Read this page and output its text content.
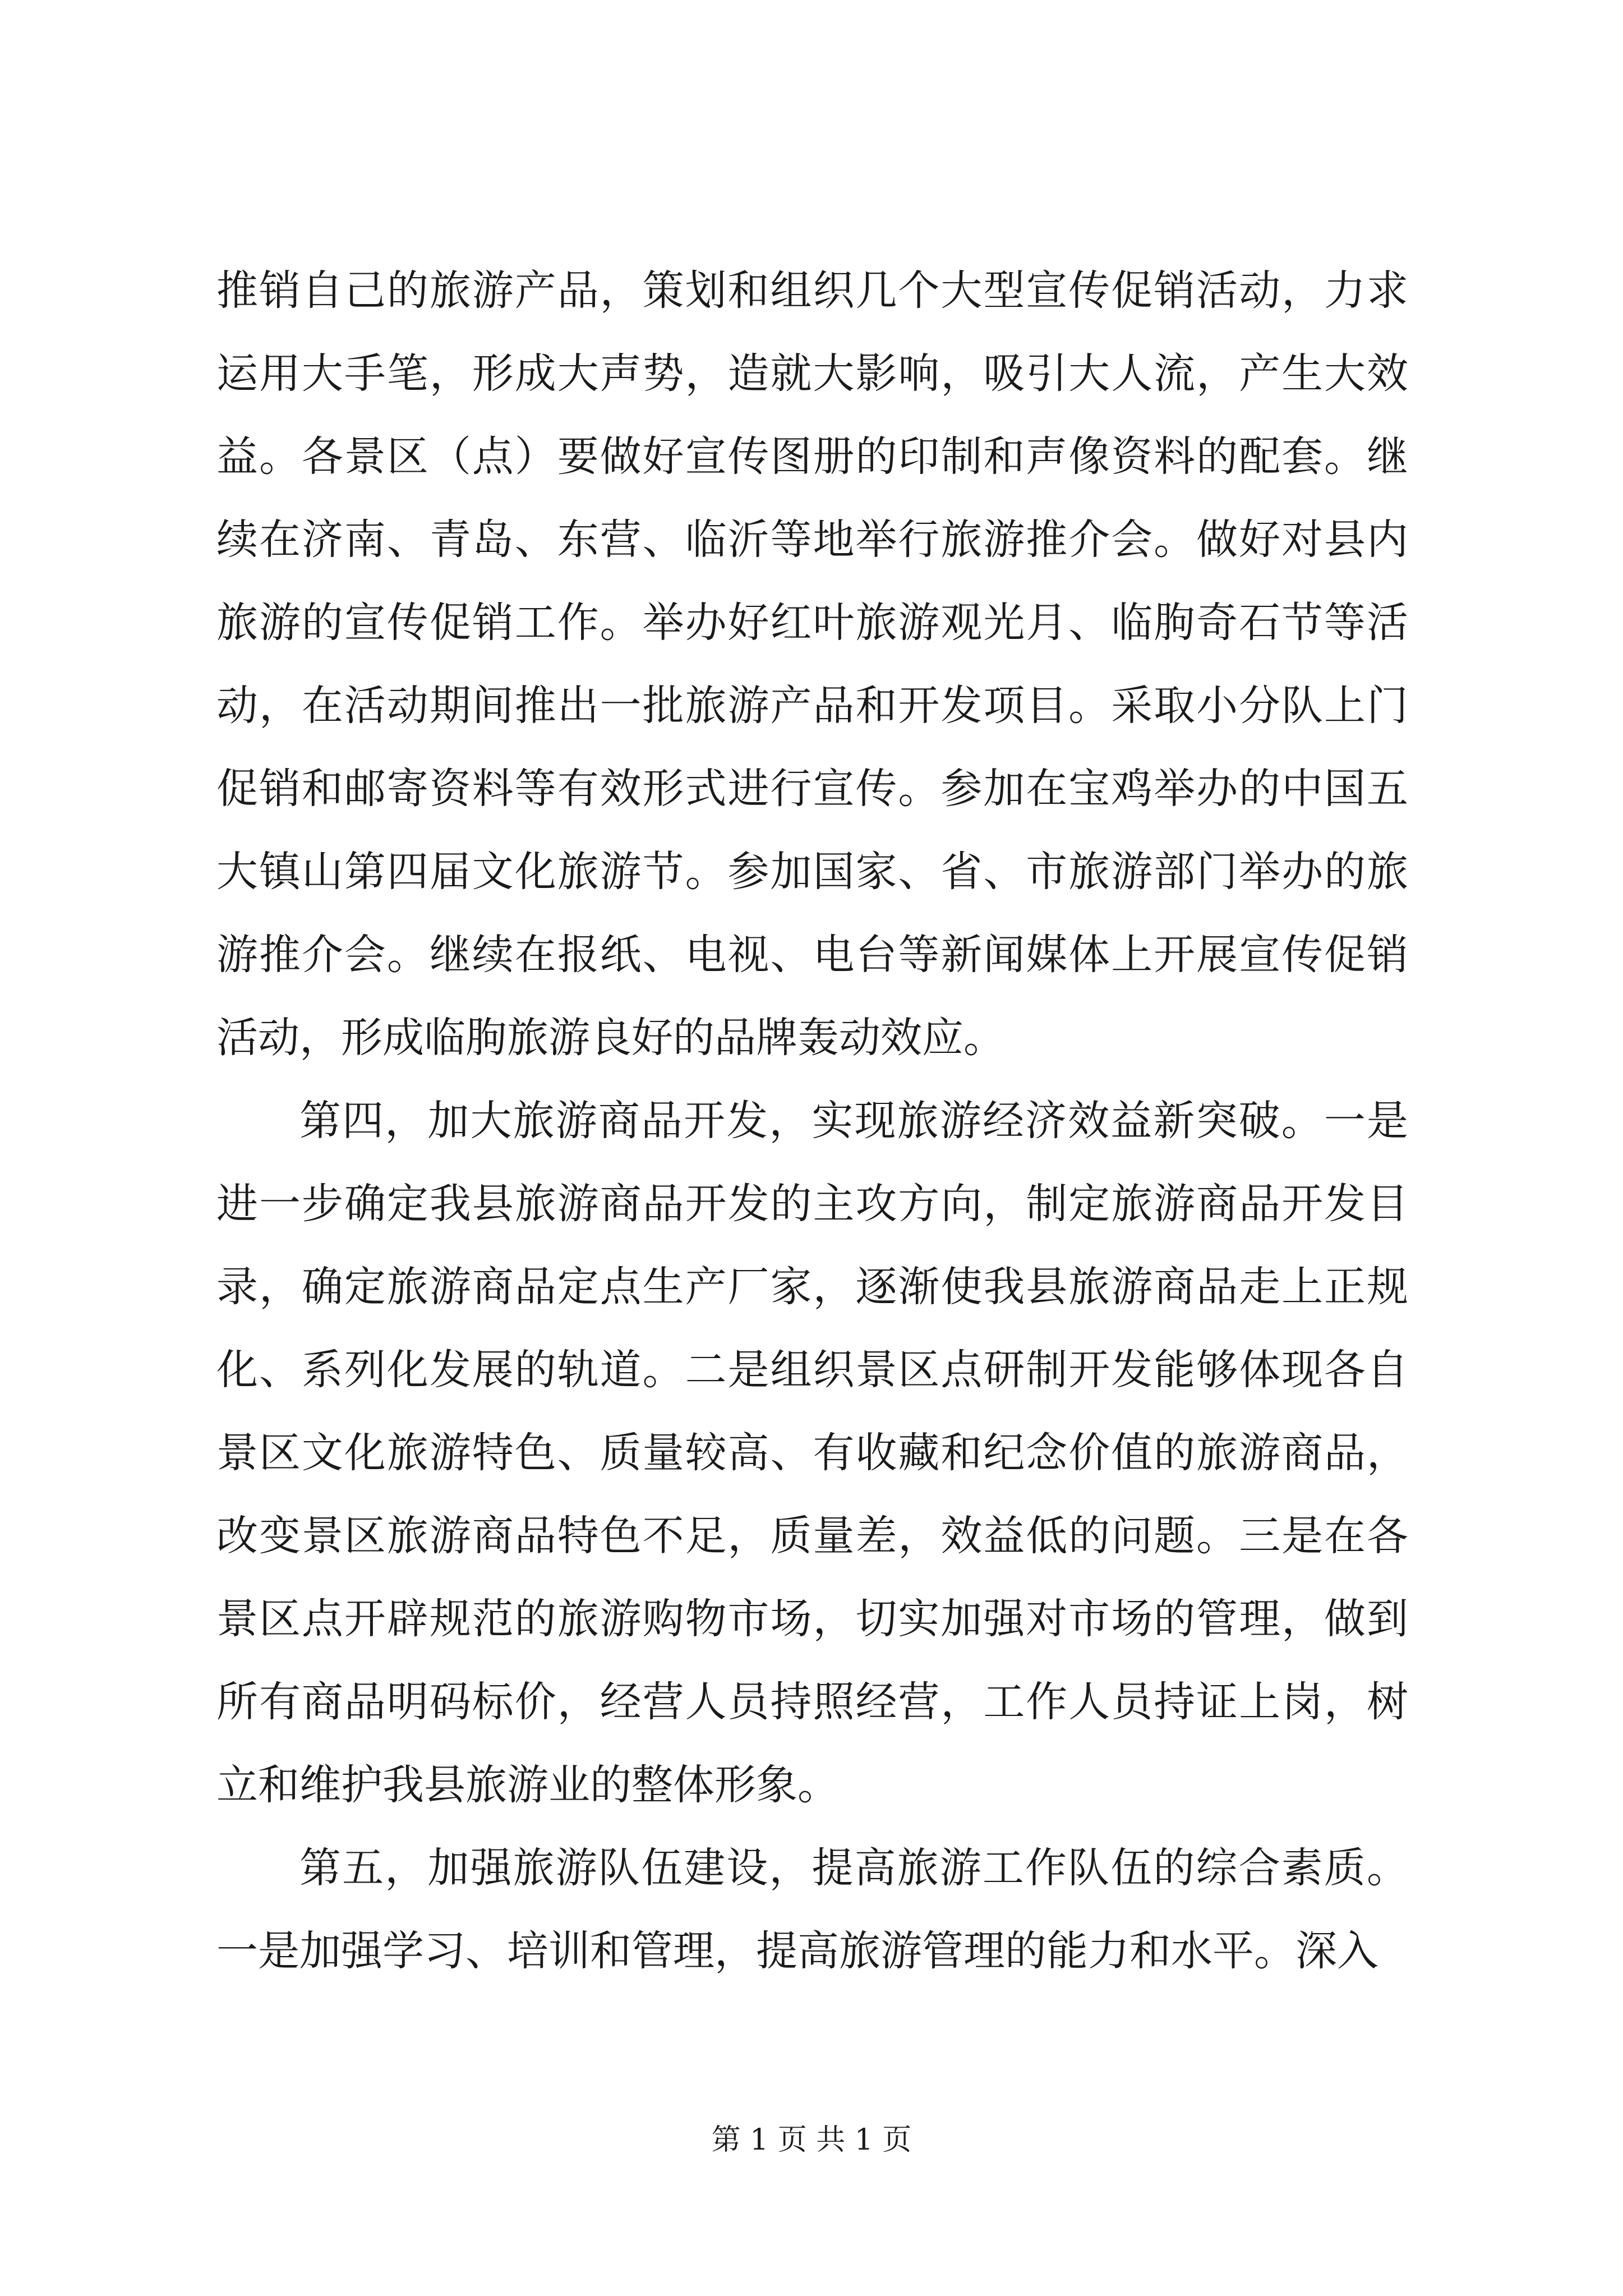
推销自己的旅游产品，策划和组织几个大型宣传促销活动，力求运用大手笔，形成大声势，造就大影响，吸引大人流，产生大效益。各景区（点）要做好宣传图册的印制和声像资料的配套。继续在济南、青岛、东营、临沂等地举行旅游推介会。做好对县内旅游的宣传促销工作。举办好红叶旅游观光月、临朐奇石节等活动，在活动期间推出一批旅游产品和开发项目。采取小分队上门促销和邮寄资料等有效形式进行宣传。参加在宝鸡举办的中国五大镇山第四届文化旅游节。参加国家、省、市旅游部门举办的旅游推介会。继续在报纸、电视、电台等新闻媒体上开展宣传促销活动，形成临朐旅游良好的品牌轰动效应。

第四，加大旅游商品开发，实现旅游经济效益新突破。一是进一步确定我县旅游商品开发的主攻方向，制定旅游商品开发目录，确定旅游商品定点生产厂家，逐渐使我县旅游商品走上正规化、系列化发展的轨道。二是组织景区点研制开发能够体现各自景区文化旅游特色、质量较高、有收藏和纪念价值的旅游商品，改变景区旅游商品特色不足，质量差，效益低的问题。三是在各景区点开辟规范的旅游购物市场，切实加强对市场的管理，做到所有商品明码标价，经营人员持照经营，工作人员持证上岗，树立和维护我县旅游业的整体形象。

第五，加强旅游队伍建设，提高旅游工作队伍的综合素质。一是加强学习、培训和管理，提高旅游管理的能力和水平。深入

第 1 页 共 1 页
